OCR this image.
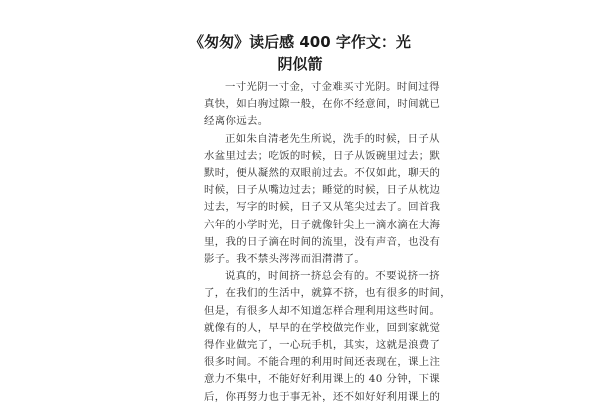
《匆匆》读后感 400 字作文：光阴似箭
一寸光阴一寸金，寸金难买寸光阴。时间过得
真快，如白驹过隙一般，在你不经意间，时间就已
经离你远去。
正如朱自清老先生所说，洗手的时候，日子从
水盆里过去；吃饭的时候，日子从饭碗里过去；默
默时，便从凝然的双眼前过去。不仅如此，聊天的
时候，日子从嘴边过去；睡觉的时候，日子从枕边
过去，写字的时候，日子又从笔尖过去了。回首我
六年的小学时光，日子就像针尖上一滴水滴在大海
里，我的日子滴在时间的流里，没有声音，也没有
影子。我不禁头涔涔而泪潸潸了。
说真的，时间挤一挤总会有的。不要说挤一挤
了，在我们的生活中，就算不挤，也有很多的时间，
但是，有很多人却不知道怎样合理利用这些时间。
就像有的人，早早的在学校做完作业，回到家就觉
得作业做完了，一心玩手机，其实，这就是浪费了
很多时间。不能合理的利用时间还表现在，课上注
意力不集中，不能好好利用课上的 40 分钟，下课
后，你再努力也于事无补，还不如好好利用课上的
